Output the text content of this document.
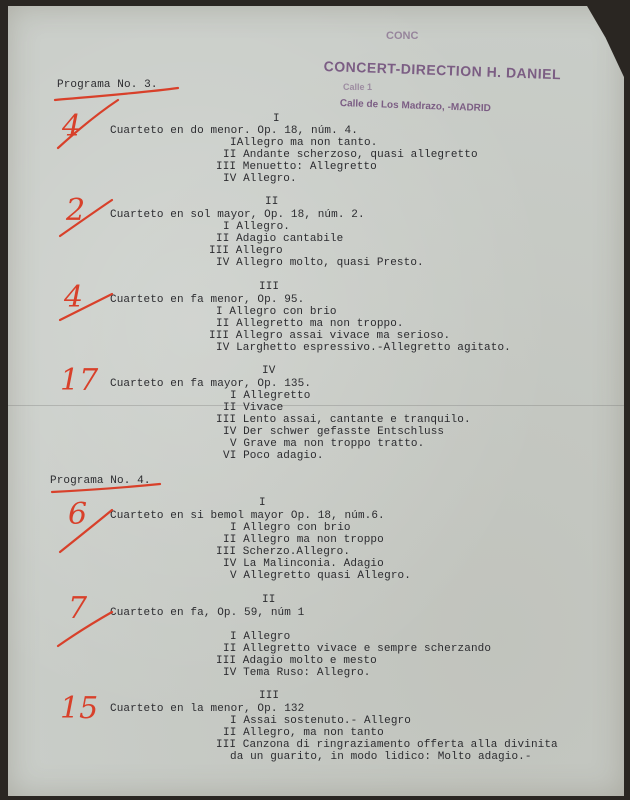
CONC
CONCERT-DIRECTION H. DANIEL
Calle 1
Calle de Los Madrazo, -MADRID
Programa No. 3.
I
Cuarteto en do menor. Op. 18, núm. 4.
IAllegro ma non tanto.
II Andante scherzoso, quasi allegretto
III Menuetto: Allegretto
IV Allegro.
II
Cuarteto en sol mayor, Op. 18, núm. 2.
I Allegro.
II Adagio cantabile
III Allegro
IV Allegro molto, quasi Presto.
III
Cuarteto en fa menor, Op. 95.
I Allegro con brio
II Allegretto ma non troppo.
III Allegro assai vivace ma serioso.
IV Larghetto espressivo.-Allegretto agitato.
IV
Cuarteto en fa mayor, Op. 135.
I Allegretto
II Vivace
III Lento assai, cantante e tranquilo.
IV Der schwer gefasste Entschluss
V Grave ma non troppo tratto.
VI Poco adagio.
Programa No. 4.
I
Cuarteto en si bemol mayor Op. 18, núm.6.
I Allegro con brio
II Allegro ma non troppo
III Scherzo.Allegro.
IV La Malinconia. Adagio
V Allegretto quasi Allegro.
II
Cuarteto en fa, Op. 59, núm 1
I Allegro
II Allegretto vivace e sempre scherzando
III Adagio molto e mesto
IV Tema Ruso: Allegro.
III
Cuarteto en la menor, Op. 132
I Assai sostenuto.- Allegro
II Allegro, ma non tanto
III Canzona di ringraziamento offerta alla divinita
da un guarito, in modo lidico: Molto adagio.-
4
2
4
17
6
7
15
